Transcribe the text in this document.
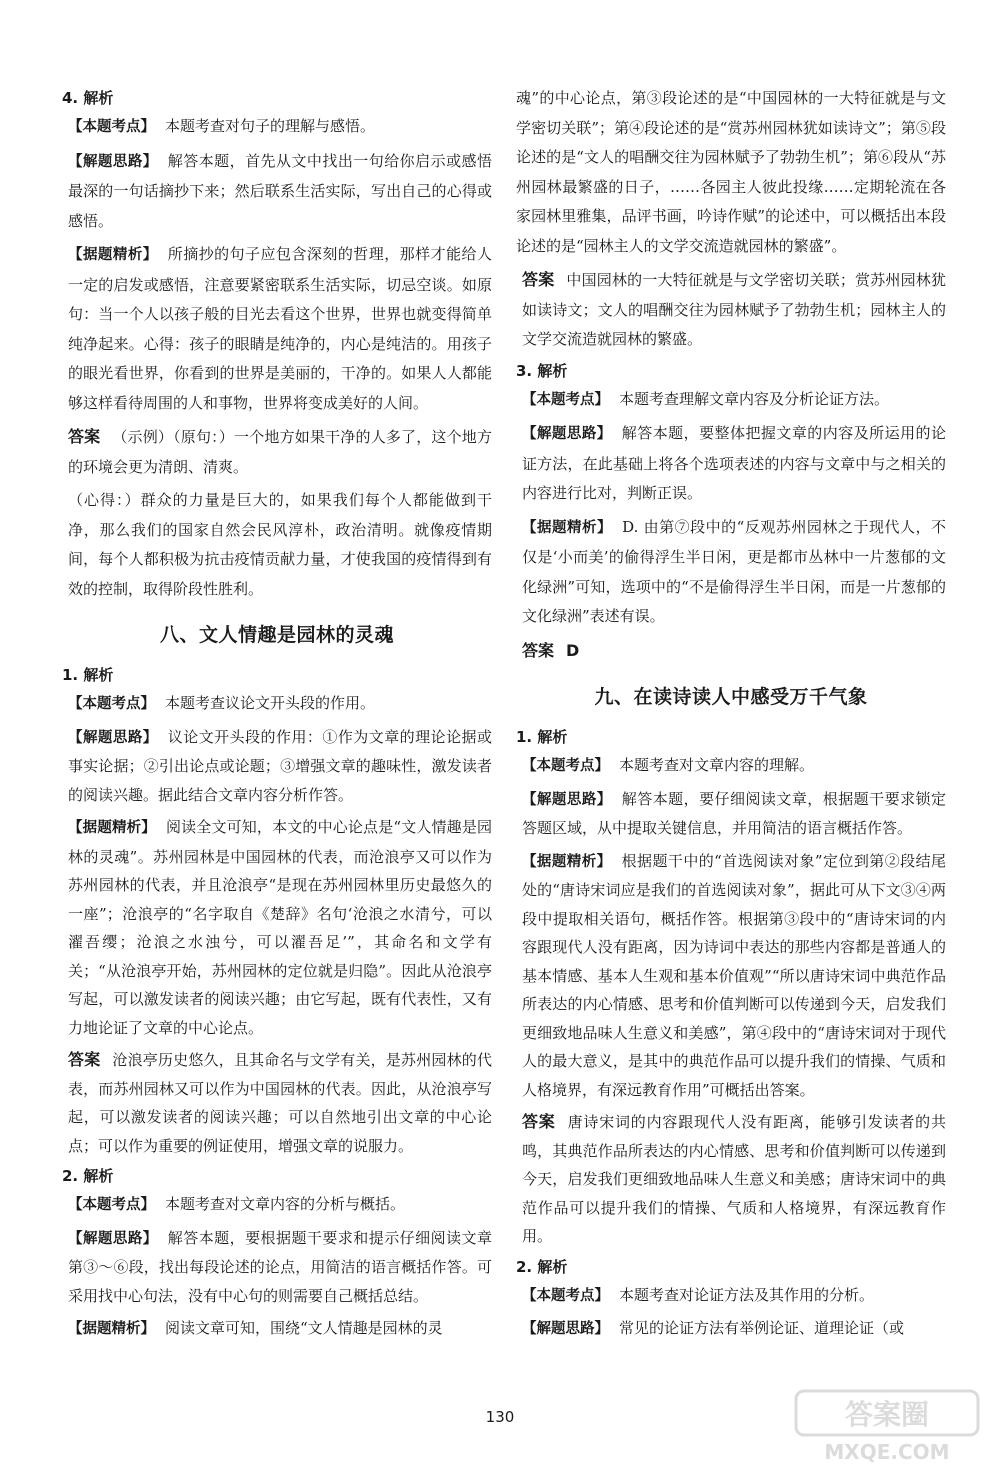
4. 解析

【本题考点】 本题考查对句子的理解与感悟。

【解题思路】 解答本题，首先从文中找出一句给你启示或感悟最深的一句话摘抄下来；然后联系生活实际，写出自己的心得或感悟。

【据题精析】 所摘抄的句子应包含深刻的哲理，那样才能给人一定的启发或感悟，注意要紧密联系生活实际，切忌空谈。如原句：当一个人以孩子般的目光去看这个世界，世界也就变得简单纯净起来。心得：孩子的眼睛是纯净的，内心是纯洁的。用孩子的眼光看世界，你看到的世界是美丽的，干净的。如果人人都能够这样看待周围的人和事物，世界将变成美好的人间。

答案 （示例）（原句：）一个地方如果干净的人多了，这个地方的环境会更为清朗、清爽。

（心得：）群众的力量是巨大的，如果我们每个人都能做到干净，那么我们的国家自然会民风淳朴，政治清明。就像疫情期间，每个人都积极为抗击疫情贡献力量，才使我国的疫情得到有效的控制，取得阶段性胜利。

八、文人情趣是园林的灵魂
1. 解析

【本题考点】 本题考查议论文开头段的作用。

【解题思路】 议论文开头段的作用：①作为文章的理论论据或事实论据；②引出论点或论题；③增强文章的趣味性，激发读者的阅读兴趣。据此结合文章内容分析作答。

【据题精析】 阅读全文可知，本文的中心论点是“文人情趣是园林的灵魂”。苏州园林是中国园林的代表，而沧浪亭又可以作为苏州园林的代表，并且沧浪亭“是现在苏州园林里历史最悠久的一座”；沧浪亭的“名字取自《楚辞》名句‘沧浪之水清兮，可以濯吾缨；沧浪之水浊兮，可以濯吾足’”，其命名和文学有关；“从沧浪亭开始，苏州园林的定位就是归隐”。因此从沧浪亭写起，可以激发读者的阅读兴趣；由它写起，既有代表性，又有力地论证了文章的中心论点。

答案 沧浪亭历史悠久，且其命名与文学有关，是苏州园林的代表，而苏州园林又可以作为中国园林的代表。因此，从沧浪亭写起，可以激发读者的阅读兴趣；可以自然地引出文章的中心论点；可以作为重要的例证使用，增强文章的说服力。

2. 解析

【本题考点】 本题考查对文章内容的分析与概括。

【解题思路】 解答本题，要根据题干要求和提示仔细阅读文章第③～⑥段，找出每段论述的论点，用简洁的语言概括作答。可采用找中心句法，没有中心句的则需要自己概括总结。

【据题精析】 阅读文章可知，围绕“文人情趣是园林的灵

魂”的中心论点，第③段论述的是“中国园林的一大特征就是与文学密切关联”；第④段论述的是“赏苏州园林犹如读诗文”；第⑤段论述的是“文人的唱酬交往为园林赋予了勃勃生机”；第⑥段从“苏州园林最繁盛的日子，……各园主人彼此投缘……定期轮流在各家园林里雅集，品评书画，吟诗作赋”的论述中，可以概括出本段论述的是“园林主人的文学交流造就园林的繁盛”。

答案 中国园林的一大特征就是与文学密切关联；赏苏州园林犹如读诗文；文人的唱酬交往为园林赋予了勃勃生机；园林主人的文学交流造就园林的繁盛。

3. 解析

【本题考点】 本题考查理解文章内容及分析论证方法。

【解题思路】 解答本题，要整体把握文章的内容及所运用的论证方法，在此基础上将各个选项表述的内容与文章中与之相关的内容进行比对，判断正误。

【据题精析】 D. 由第⑦段中的“反观苏州园林之于现代人，不仅是‘小而美’的偷得浮生半日闲，更是都市丛林中一片葱郁的文化绿洲”可知，选项中的“不是偷得浮生半日闲，而是一片葱郁的文化绿洲”表述有误。

答案 D

九、在读诗读人中感受万千气象
1. 解析

【本题考点】 本题考查对文章内容的理解。

【解题思路】 解答本题，要仔细阅读文章，根据题干要求锁定答题区域，从中提取关键信息，并用简洁的语言概括作答。

【据题精析】 根据题干中的“首选阅读对象”定位到第②段结尾处的“唐诗宋词应是我们的首选阅读对象”，据此可从下文③④两段中提取相关语句，概括作答。根据第③段中的“唐诗宋词的内容跟现代人没有距离，因为诗词中表达的那些内容都是普通人的基本情感、基本人生观和基本价值观”“所以唐诗宋词中典范作品所表达的内心情感、思考和价值判断可以传递到今天，启发我们更细致地品味人生意义和美感”，第④段中的“唐诗宋词对于现代人的最大意义，是其中的典范作品可以提升我们的情操、气质和人格境界，有深远教育作用”可概括出答案。

答案 唐诗宋词的内容跟现代人没有距离，能够引发读者的共鸣，其典范作品所表达的内心情感、思考和价值判断可以传递到今天，启发我们更细致地品味人生意义和美感；唐诗宋词中的典范作品可以提升我们的情操、气质和人格境界，有深远教育作用。

2. 解析

【本题考点】 本题考查对论证方法及其作用的分析。

【解题思路】 常见的论证方法有举例论证、道理论证（或

130	答案圈
MXQE.COM
